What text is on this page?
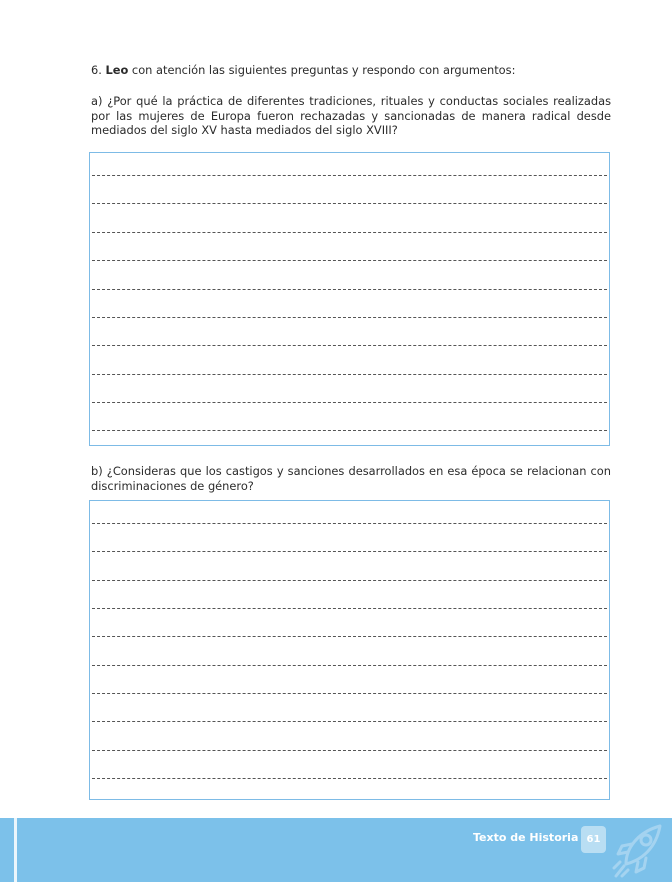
6. Leo con atención las siguientes preguntas y respondo con argumentos:
a) ¿Por qué la práctica de diferentes tradiciones, rituales y conductas sociales realizadas por las mujeres de Europa fueron rechazadas y sancionadas de manera radical desde mediados del siglo XV hasta mediados del siglo XVIII?
b) ¿Consideras que los castigos y sanciones desarrollados en esa época se relacionan con discriminaciones de género?
Texto de Historia 61
